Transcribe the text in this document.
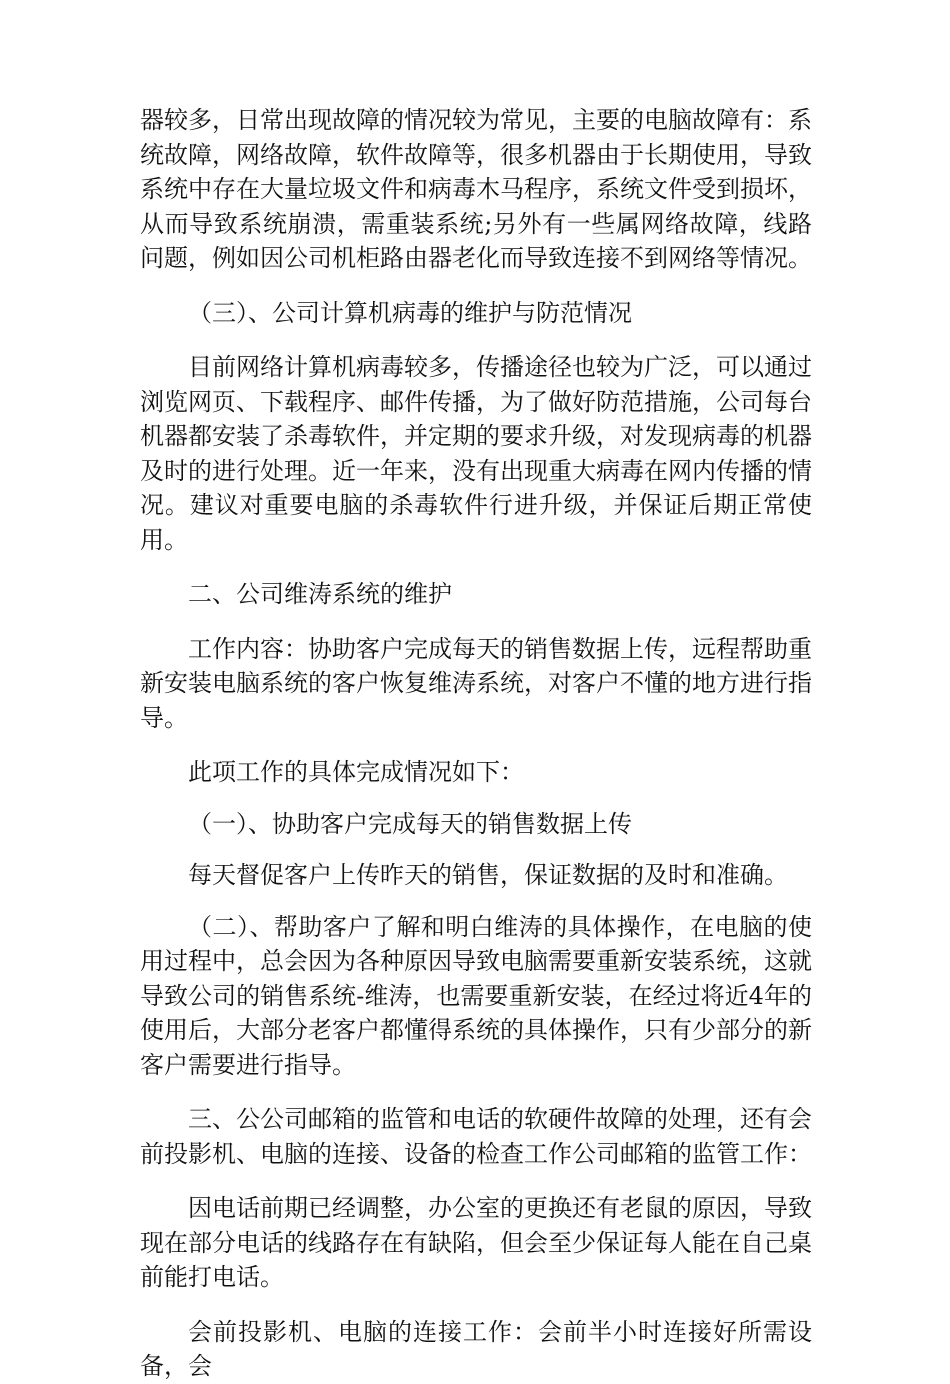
器较多，日常出现故障的情况较为常见，主要的电脑故障有：系统故障，网络故障，软件故障等，很多机器由于长期使用，导致系统中存在大量垃圾文件和病毒木马程序，系统文件受到损坏，从而导致系统崩溃，需重装系统;另外有一些属网络故障，线路问题，例如因公司机柜路由器老化而导致连接不到网络等情况。

（三）、公司计算机病毒的维护与防范情况

目前网络计算机病毒较多，传播途径也较为广泛，可以通过浏览网页、下载程序、邮件传播，为了做好防范措施，公司每台机器都安装了杀毒软件，并定期的要求升级，对发现病毒的机器及时的进行处理。近一年来，没有出现重大病毒在网内传播的情况。建议对重要电脑的杀毒软件行进升级，并保证后期正常使用。

二、公司维涛系统的维护

工作内容：协助客户完成每天的销售数据上传，远程帮助重新安装电脑系统的客户恢复维涛系统，对客户不懂的地方进行指导。

此项工作的具体完成情况如下：

（一）、协助客户完成每天的销售数据上传

每天督促客户上传昨天的销售，保证数据的及时和准确。

（二）、帮助客户了解和明白维涛的具体操作，在电脑的使用过程中，总会因为各种原因导致电脑需要重新安装系统，这就导致公司的销售系统-维涛，也需要重新安装，在经过将近4年的使用后，大部分老客户都懂得系统的具体操作，只有少部分的新客户需要进行指导。

三、公公司邮箱的监管和电话的软硬件故障的处理，还有会前投影机、电脑的连接、设备的检查工作公司邮箱的监管工作：

因电话前期已经调整，办公室的更换还有老鼠的原因，导致现在部分电话的线路存在有缺陷，但会至少保证每人能在自己桌前能打电话。

会前投影机、电脑的连接工作：会前半小时连接好所需设备，会
